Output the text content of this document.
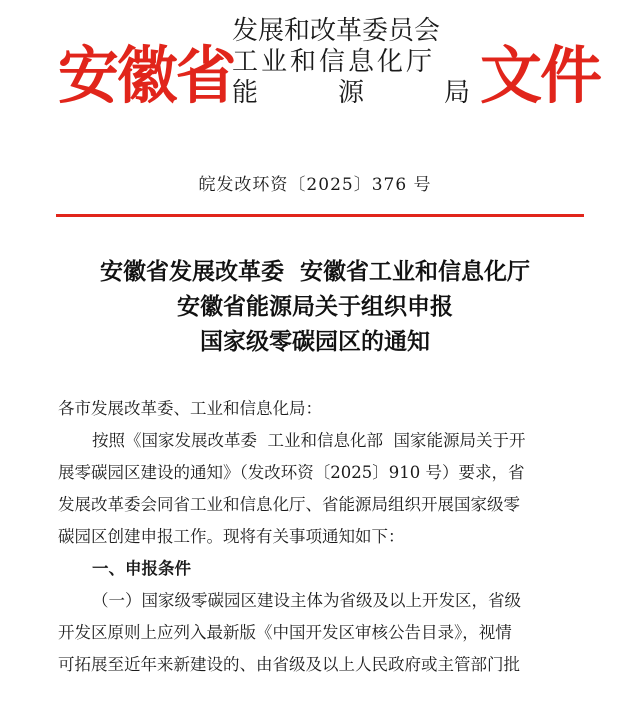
安徽省
发展和改革委员会
工业和信息化厅
能	源	局 文件
皖发改环资〔2025〕376 号
安徽省发展改革委  安徽省工业和信息化厅
安徽省能源局关于组织申报
国家级零碳园区的通知
各市发展改革委、工业和信息化局：
按照《国家发展改革委  工业和信息化部  国家能源局关于开
展零碳园区建设的通知》（发改环资〔2025〕910 号）要求，省
发展改革委会同省工业和信息化厅、省能源局组织开展国家级零
碳园区创建申报工作。现将有关事项通知如下：
一、申报条件
（一）国家级零碳园区建设主体为省级及以上开发区，省级
开发区原则上应列入最新版《中国开发区审核公告目录》，视情
可拓展至近年来新建设的、由省级及以上人民政府或主管部门批
